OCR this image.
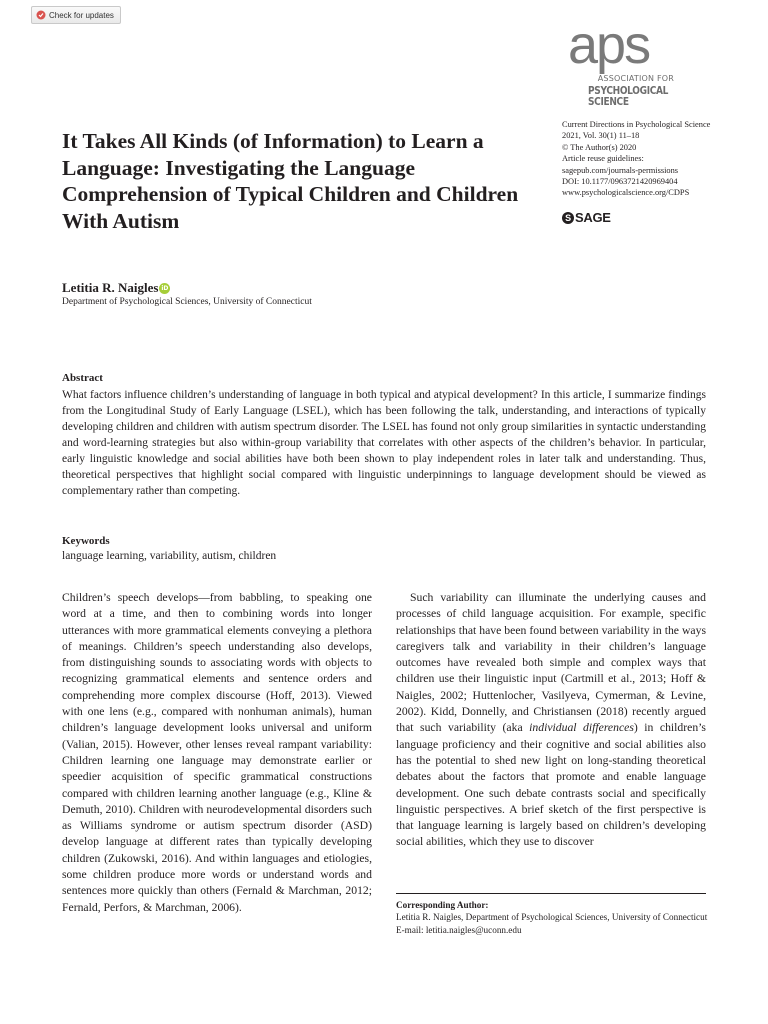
Check for updates	aps
ASSOCIATION FOR
PSYCHOLOGICAL SCIENCE
Current Directions in Psychological Science
2021, Vol. 30(1) 11–18
© The Author(s) 2020
Article reuse guidelines:
sagepub.com/journals-permissions
DOI: 10.1177/0963721420969404
www.psychologicalscience.org/CDPS
S SAGE
It Takes All Kinds (of Information) to Learn a Language: Investigating the Language Comprehension of Typical Children and Children With Autism
Letitia R. Naigles iD
Department of Psychological Sciences, University of Connecticut
Abstract

What factors influence children’s understanding of language in both typical and atypical development? In this article, I summarize findings from the Longitudinal Study of Early Language (LSEL), which has been following the talk, understanding, and interactions of typically developing children and children with autism spectrum disorder. The LSEL has found not only group similarities in syntactic understanding and word-learning strategies but also within-group variability that correlates with other aspects of the children’s behavior. In particular, early linguistic knowledge and social abilities have both been shown to play independent roles in later talk and understanding. Thus, theoretical perspectives that highlight social compared with linguistic underpinnings to language development should be viewed as complementary rather than competing.

Keywords

language learning, variability, autism, children

Children’s speech develops—from babbling, to speaking one word at a time, and then to combining words into longer utterances with more grammatical elements conveying a plethora of meanings. Children’s speech understanding also develops, from distinguishing sounds to associating words with objects to recognizing grammatical elements and sentence orders and comprehending more complex discourse (Hoff, 2013). Viewed with one lens (e.g., compared with nonhuman animals), human children’s language development looks universal and uniform (Valian, 2015). However, other lenses reveal rampant variability: Children learning one language may demonstrate earlier or speedier acquisition of specific grammatical constructions compared with children learning another language (e.g., Kline & Demuth, 2010). Children with neurodevelopmental disorders such as Williams syndrome or autism spectrum disorder (ASD) develop language at different rates than typically developing children (Zukowski, 2016). And within languages and etiologies, some children produce more words or understand words and sentences more quickly than others (Fernald & Marchman, 2012; Fernald, Perfors, & Marchman, 2006).

Such variability can illuminate the underlying causes and processes of child language acquisition. For example, specific relationships that have been found between variability in the ways caregivers talk and variability in their children’s language outcomes have revealed both simple and complex ways that children use their linguistic input (Cartmill et al., 2013; Hoff & Naigles, 2002; Huttenlocher, Vasilyeva, Cymerman, & Levine, 2002). Kidd, Donnelly, and Christiansen (2018) recently argued that such variability (aka individual differences) in children’s language proficiency and their cognitive and social abilities also has the potential to shed new light on long-standing theoretical debates about the factors that promote and enable language development. One such debate contrasts social and specifically linguistic perspectives. A brief sketch of the first perspective is that language learning is largely based on children’s developing social abilities, which they use to discover

Corresponding Author:
Letitia R. Naigles, Department of Psychological Sciences, University of Connecticut
E-mail: letitia.naigles@uconn.edu
